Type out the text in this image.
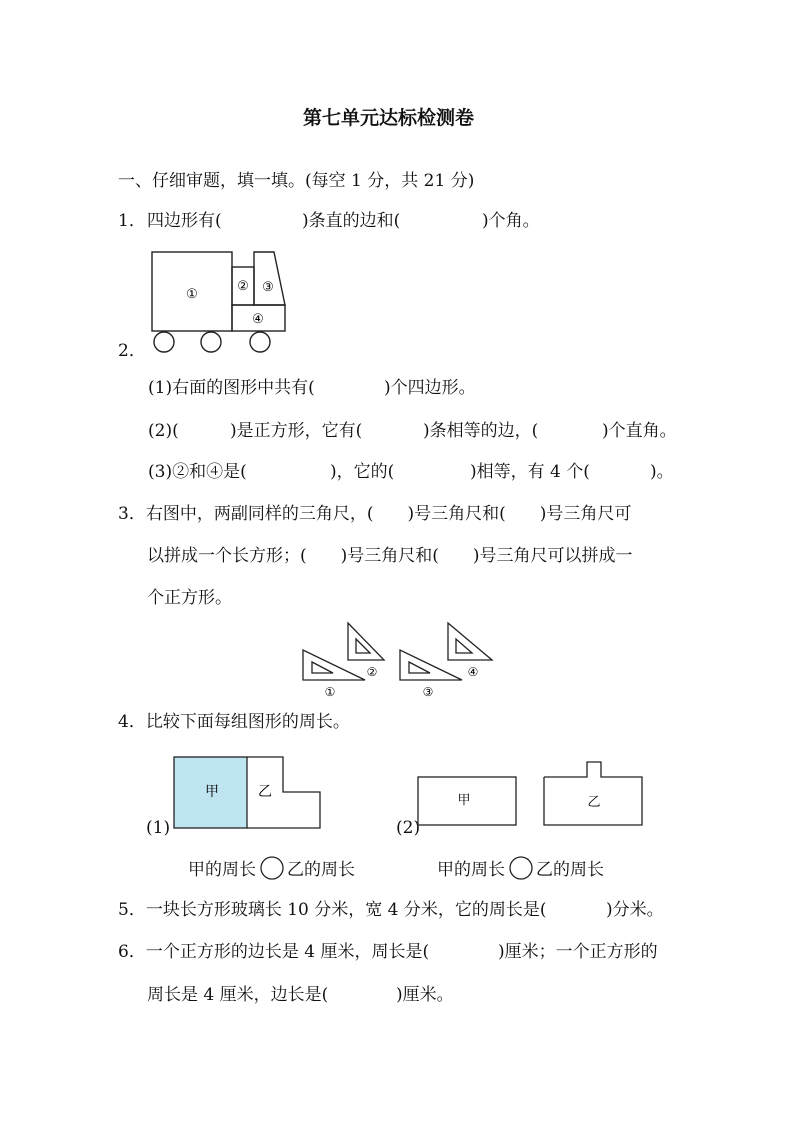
第七单元达标检测卷
一、仔细审题，填一填。(每空 1 分，共 21 分)
1． 四边形有(	)条直的边和(	)个角。
①
② ③
④
2．
(1)右面的图形中共有(	)个四边形。
(2)(	)是正方形，它有(	)条相等的边，(	)个直角。
(3)②和④是(	)，它的(	)相等，有 4 个(	)。
3．右图中，两副同样的三角尺，(　　)号三角尺和(　　)号三角尺可
以拼成一个长方形；(　　)号三角尺和(　　)号三角尺可以拼成一
个正方形。
①
②
③
④
4．比较下面每组图形的周长。
(1)	(2)
甲	乙
甲	乙
甲的周长 乙的周长	甲的周长 乙的周长
5．一块长方形玻璃长 10 分米，宽 4 分米，它的周长是(	)分米。
6．一个正方形的边长是 4 厘米，周长是(	)厘米；一个正方形的
周长是 4 厘米，边长是(	)厘米。
